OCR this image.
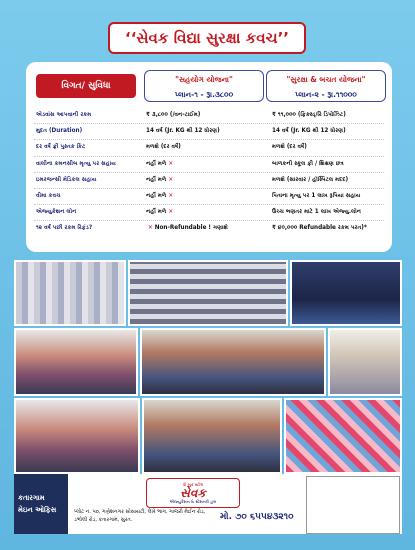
‘‘સેવક વિદ્યા સુરક્ષા કવચ’’
વિગત/ સુવિધા
"સહયોગ યોજના"
પ્લાન-૧ - રૂા.૩૮૦૦
"સુરક્ષા & બચત યોજના"
પ્લાન-૨ - રૂા.૧૧૦૦૦
એડવાંસ આપવાની રકમ	₹ ૩,૮૦૦ (/વન-ટાઈમ)	₹ ૧૧,૦૦૦ (ફિક્સ્ડ્/રિ ડિપોઝિટ)
મુદત (Duration)	14 વર્ષ (Jr. KG થી 12 ધોરણ)	14 વર્ષ (Jr. KG થી 12 ધોરણ)
દર વર્ષે ફ્રી પુસ્તક કિટ	મળશે (દર વર્ષે)	મળશે (દર વર્ષે)
વાલીના કમનસીબ મૃત્યુ પર સહાય	નહીં મળે ✕	બાળકની સ્કૂલ ફી / શિક્ષણ છત્ર
ઇમરજન્સી મેડિકલ સહાય	નહીં મળે ✕	મળશે (સારવાર / હૉસ્પિટલ મદદ)
વીમા કવચ	નહીં મળે ✕	પિતાના મૃત્યુ પર 1 લાખ રૂપિયા સહાય
એજ્યુકેશન લોન	નહીં મળે ✕	ઉચ્ચ ભણતર માટે 1 લાખ એજ્યુ.લોન
૧૨ વર્ષ પછી રકમ રિફંડ?	✕ Non-Refundable ! ગણાશે	₹ ૪૦,૦૦૦ Refundable રકમ પરત)*
કતારગામ
મેઇન ઓફિસ
ધી બુક સ્ટોલ
સેવક
એજ્યુકેશન & સ્ટેશનરી હબ
પ્લોટ નં. ૫૦, ગણેશનગર સોસાયટી, લેખે ભાગ, ગાજરી મેઈન રોડ, ડભોલી રોડ, કતારગામ, સુરત.	મો. ૭૦ ૬૫૫૪૩૨૧૦
